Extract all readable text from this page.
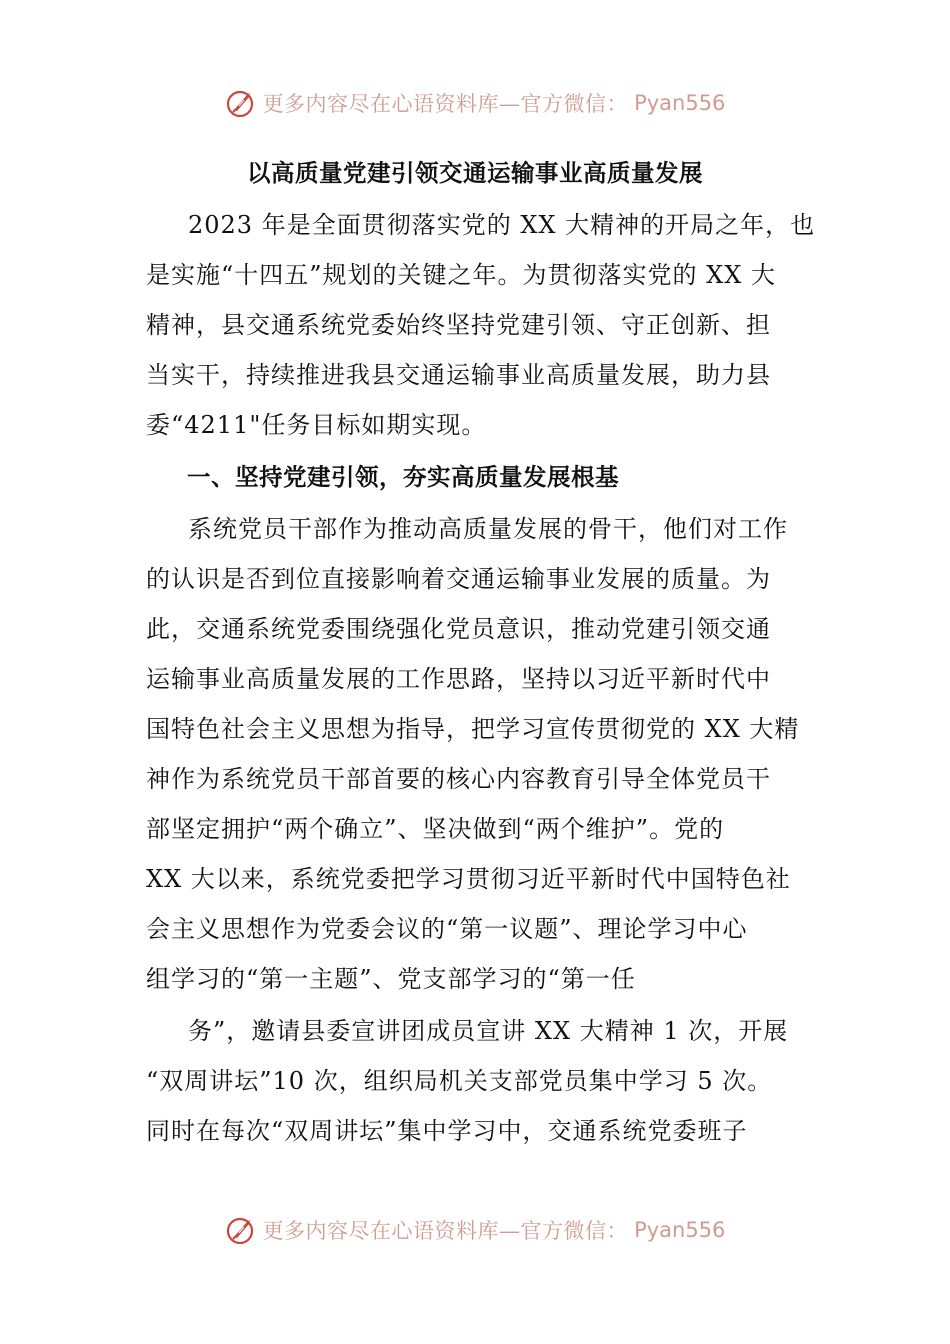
更多内容尽在心语资料库—官方微信： Pyan556
以高质量党建引领交通运输事业高质量发展
2023 年是全面贯彻落实党的 XX 大精神的开局之年，也
是实施“十四五”规划的关键之年。为贯彻落实党的 XX 大
精神，县交通系统党委始终坚持党建引领、守正创新、担
当实干，持续推进我县交通运输事业高质量发展，助力县
委“4211"任务目标如期实现。
一、坚持党建引领，夯实高质量发展根基
系统党员干部作为推动高质量发展的骨干，他们对工作
的认识是否到位直接影响着交通运输事业发展的质量。为
此，交通系统党委围绕强化党员意识，推动党建引领交通
运输事业高质量发展的工作思路，坚持以习近平新时代中
国特色社会主义思想为指导，把学习宣传贯彻党的 XX 大精
神作为系统党员干部首要的核心内容教育引导全体党员干
部坚定拥护“两个确立”、坚决做到“两个维护”。党的
XX 大以来，系统党委把学习贯彻习近平新时代中国特色社
会主义思想作为党委会议的“第一议题”、理论学习中心
组学习的“第一主题”、党支部学习的“第一任
务”，邀请县委宣讲团成员宣讲 XX 大精神 1 次，开展
“双周讲坛”10 次，组织局机关支部党员集中学习 5 次。
同时在每次“双周讲坛”集中学习中，交通系统党委班子
更多内容尽在心语资料库—官方微信： Pyan556
